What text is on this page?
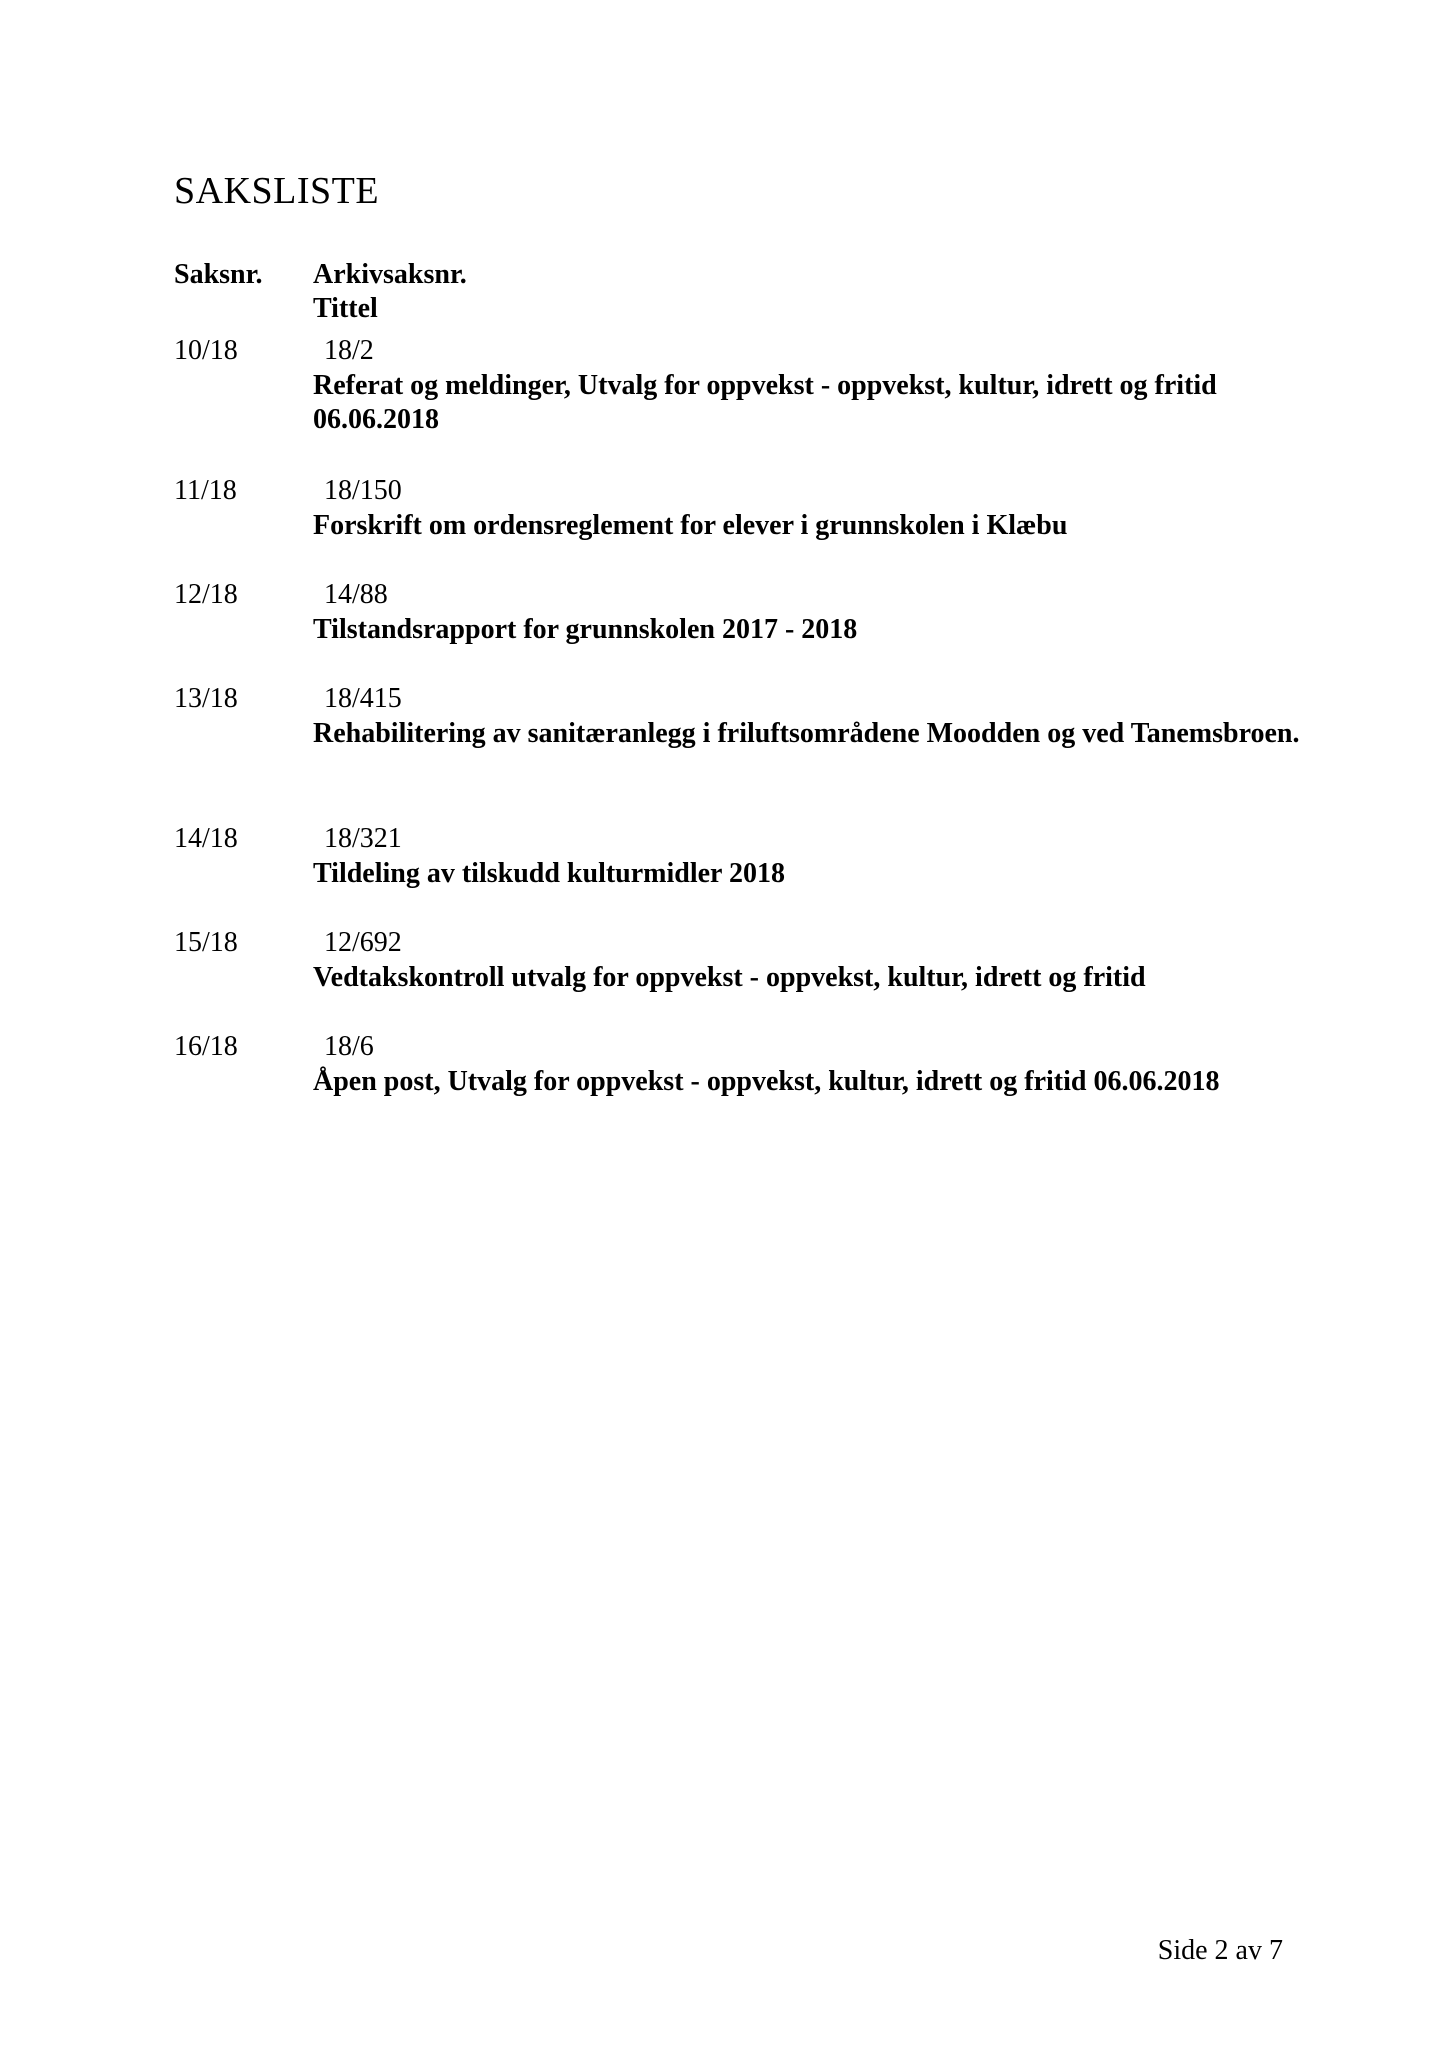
SAKSLISTE
Saksnr. Arkivsaksnr.
Tittel
10/18	18/2
Referat og meldinger, Utvalg for oppvekst - oppvekst, kultur, idrett og fritid 06.06.2018
11/18	18/150
Forskrift om ordensreglement for elever i grunnskolen i Klæbu
12/18	14/88
Tilstandsrapport for grunnskolen 2017 - 2018
13/18	18/415
Rehabilitering av sanitæranlegg i friluftsområdene Moodden og ved Tanemsbroen.
14/18	18/321
Tildeling av tilskudd kulturmidler 2018
15/18	12/692
Vedtakskontroll utvalg for oppvekst - oppvekst, kultur, idrett og fritid
16/18	18/6
Åpen post, Utvalg for oppvekst - oppvekst, kultur, idrett og fritid 06.06.2018
Side 2 av 7
